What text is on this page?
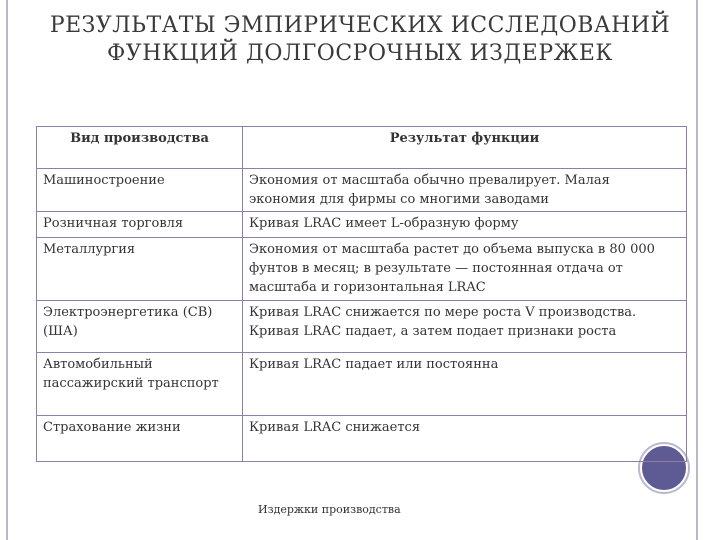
РЕЗУЛЬТАТЫ ЭМПИРИЧЕСКИХ ИССЛЕДОВАНИЙ ФУНКЦИЙ ДОЛГОСРОЧНЫХ ИЗДЕРЖЕК
Вид производства	Результат функции
Машиностроение	Экономия от масштаба обычно превалирует. Малая экономия для фирмы со многими заводами
Розничная торговля	Кривая LRAC имеет L-образную форму
Металлургия	Экономия от масштаба растет до объема выпуска в 80 000 фунтов в месяц; в результате — постоянная отдача от масштаба и горизонтальная LRAC
Электроэнергетика (СВ) (ША)	Кривая LRAC снижается по мере роста V производства. Кривая LRAC падает, а затем подает признаки роста
Автомобильный пассажирский транспорт	Кривая LRAC падает или постоянна
Страхование жизни	Кривая LRAC снижается
Издержки производства
